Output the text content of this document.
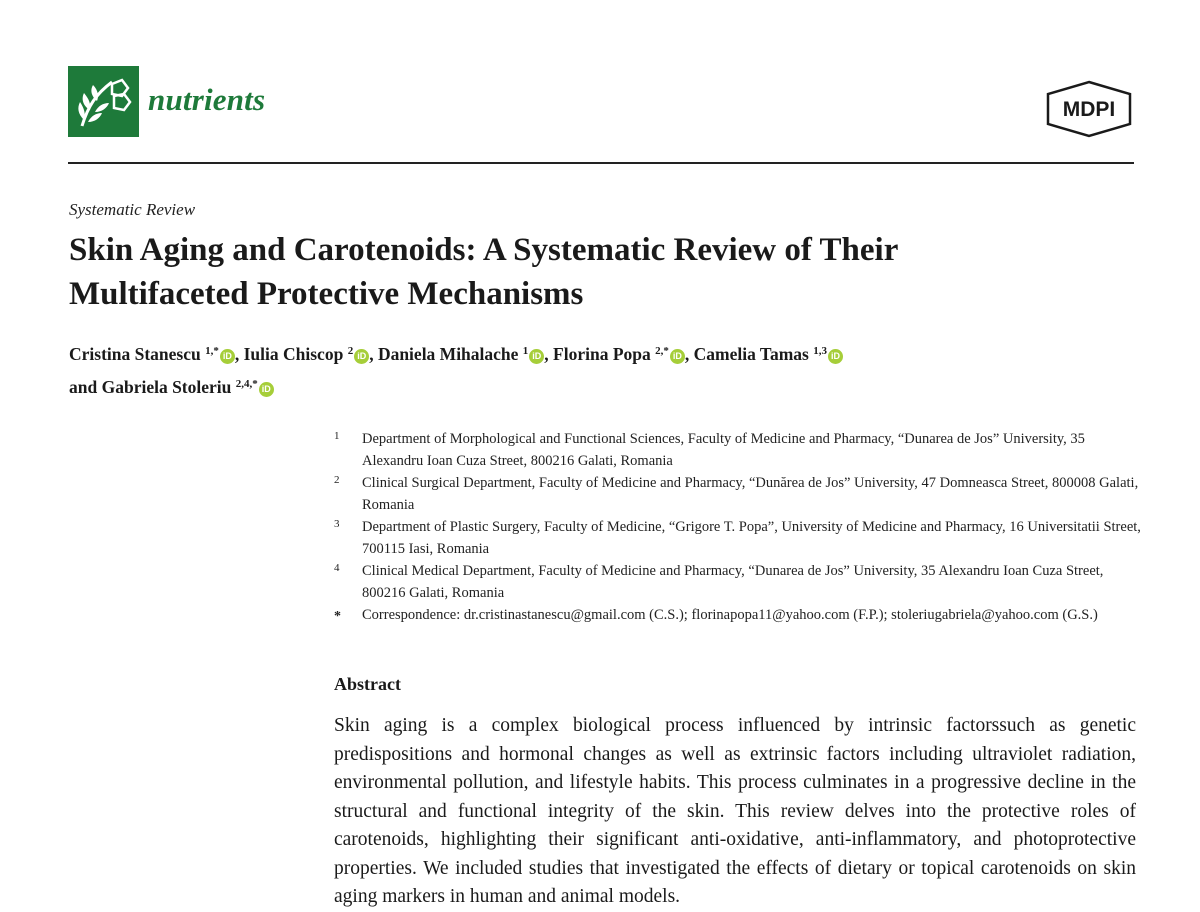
nutrients	MDPI
Systematic Review
Skin Aging and Carotenoids: A Systematic Review of Their
Multifaceted Protective Mechanisms
Cristina Stanescu $^{1,*}$ iD , Iulia Chiscop $^2$ iD , Daniela Mihalache $^1$ iD , Florina Popa $^{2,*}$ iD , Camelia Tamas $^{1,3}$ iD
and Gabriela Stoleriu $^{2,4,*}$ iD
1 Department of Morphological and Functional Sciences, Faculty of Medicine and Pharmacy, “Dunarea de Jos” University, 35 Alexandru Ioan Cuza Street, 800216 Galati, Romania
2 Clinical Surgical Department, Faculty of Medicine and Pharmacy, “Dunărea de Jos” University, 47 Domneasca Street, 800008 Galati, Romania
3 Department of Plastic Surgery, Faculty of Medicine, “Grigore T. Popa”, University of Medicine and Pharmacy, 16 Universitatii Street, 700115 Iasi, Romania
4 Clinical Medical Department, Faculty of Medicine and Pharmacy, “Dunarea de Jos” University, 35 Alexandru Ioan Cuza Street, 800216 Galati, Romania
* Correspondence: dr.cristinastanescu@gmail.com (C.S.); florinapopa11@yahoo.com (F.P.); stoleriugabriela@yahoo.com (G.S.)
Abstract

Skin aging is a complex biological process influenced by intrinsic factorssuch as genetic predispositions and hormonal changes as well as extrinsic factors including ultraviolet radiation, environmental pollution, and lifestyle habits. This process culminates in a progressive decline in the structural and functional integrity of the skin. This review delves into the protective roles of carotenoids, highlighting their significant anti-oxidative, anti-inflammatory, and photoprotective properties. We included studies that investigated the effects of dietary or topical carotenoids on skin aging markers in human and animal models.
